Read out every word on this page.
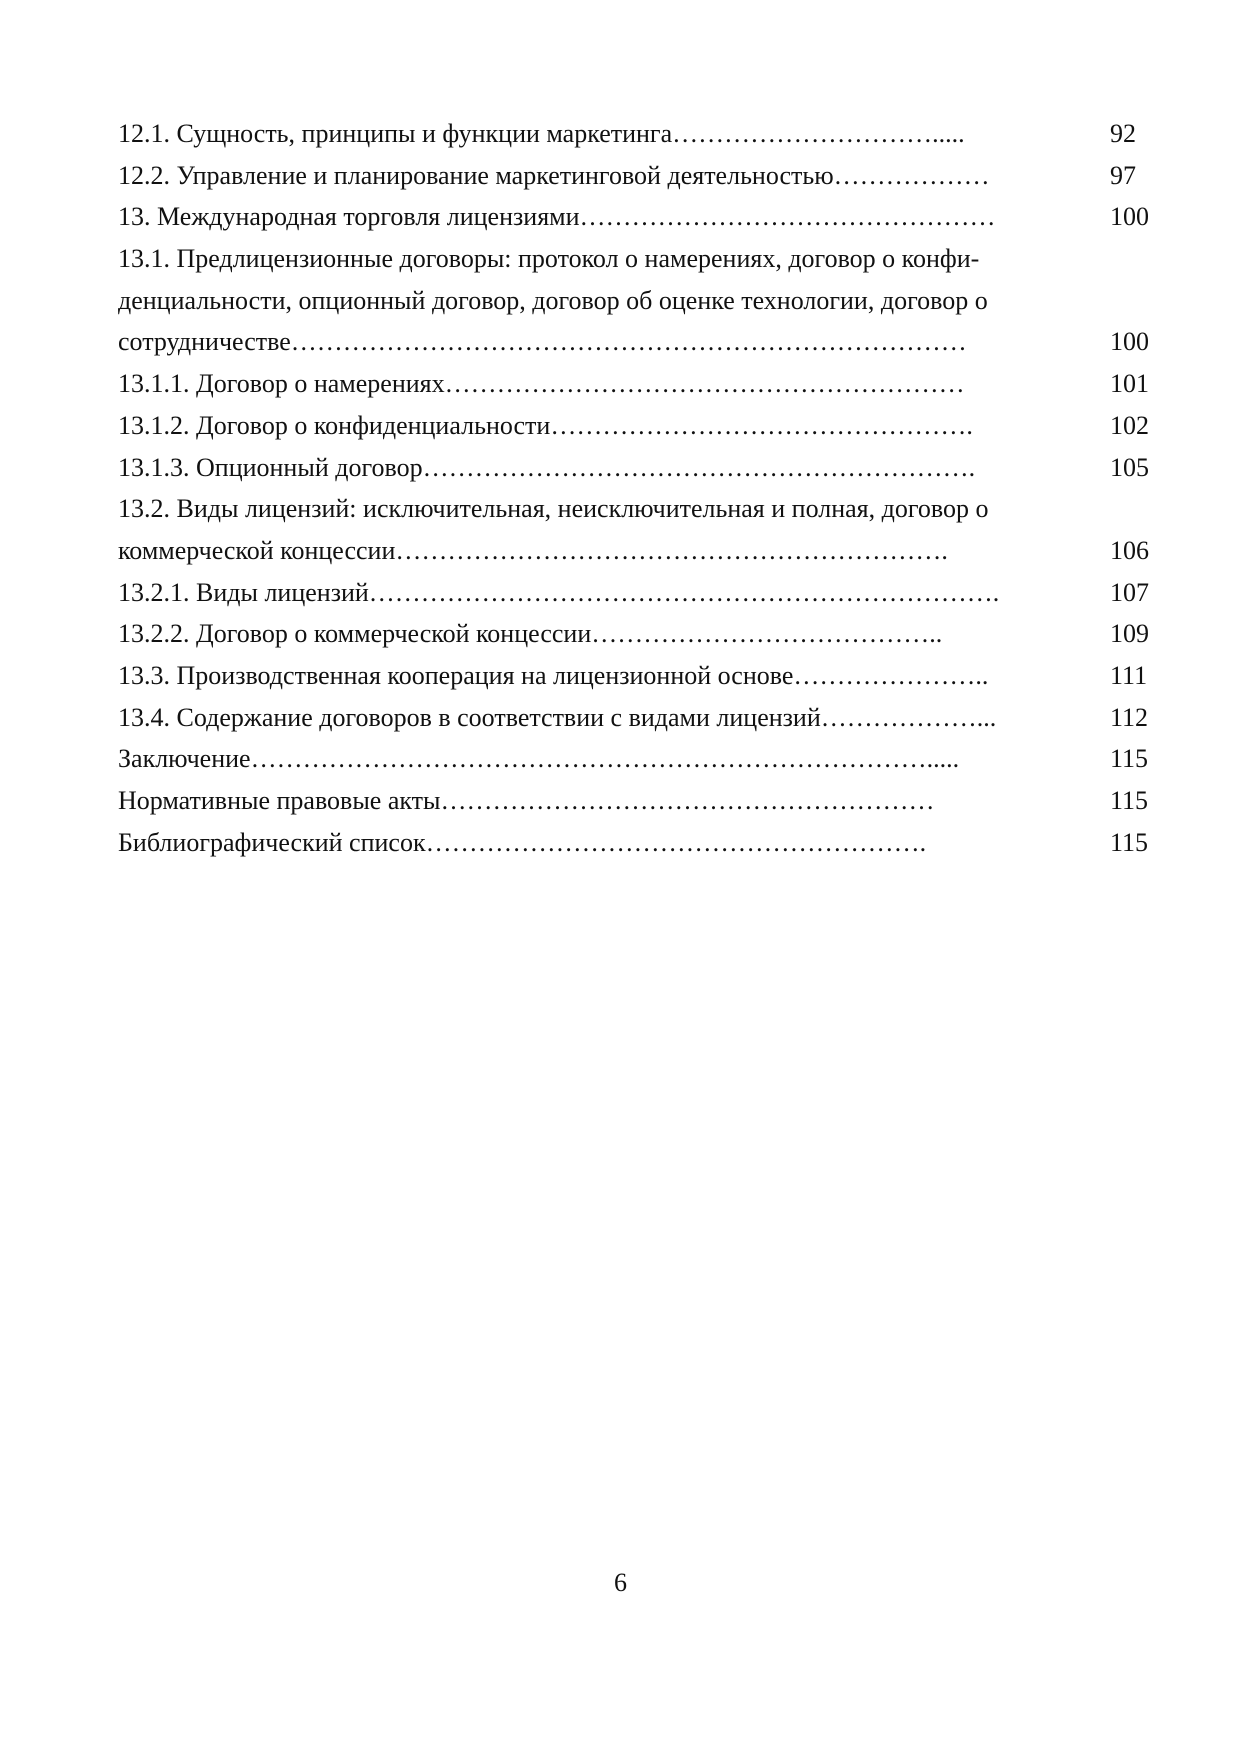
12.1. Сущность, принципы и функции маркетинга………………………….....	92
12.2. Управление и планирование маркетинговой деятельностью………………	97
13. Международная торговля лицензиями…………………………………………	100
13.1. Предлицензионные договоры: протокол о намерениях, договор о конфи-
денциальности, опционный договор, договор об оценке технологии, договор о
сотрудничестве……………………………………………………………………	100
13.1.1. Договор о намерениях……………………………………………………	101
13.1.2. Договор о конфиденциальности………………………………………….	102
13.1.3. Опционный договор……………………………………………………….	105
13.2. Виды лицензий: исключительная, неисключительная и полная, договор о
коммерческой концессии……………………………………………………….	106
13.2.1. Виды лицензий……………………………………………………………….	107
13.2.2. Договор о коммерческой концессии…………………………………..	109
13.3. Производственная кооперация на лицензионной основе…………………..	111
13.4. Содержание договоров в соответствии с видами лицензий………………...	112
Заключение…………………………………………………………………….....	115
Нормативные правовые акты…………………………………………………	115
Библиографический список………………………………………………….	115
6
